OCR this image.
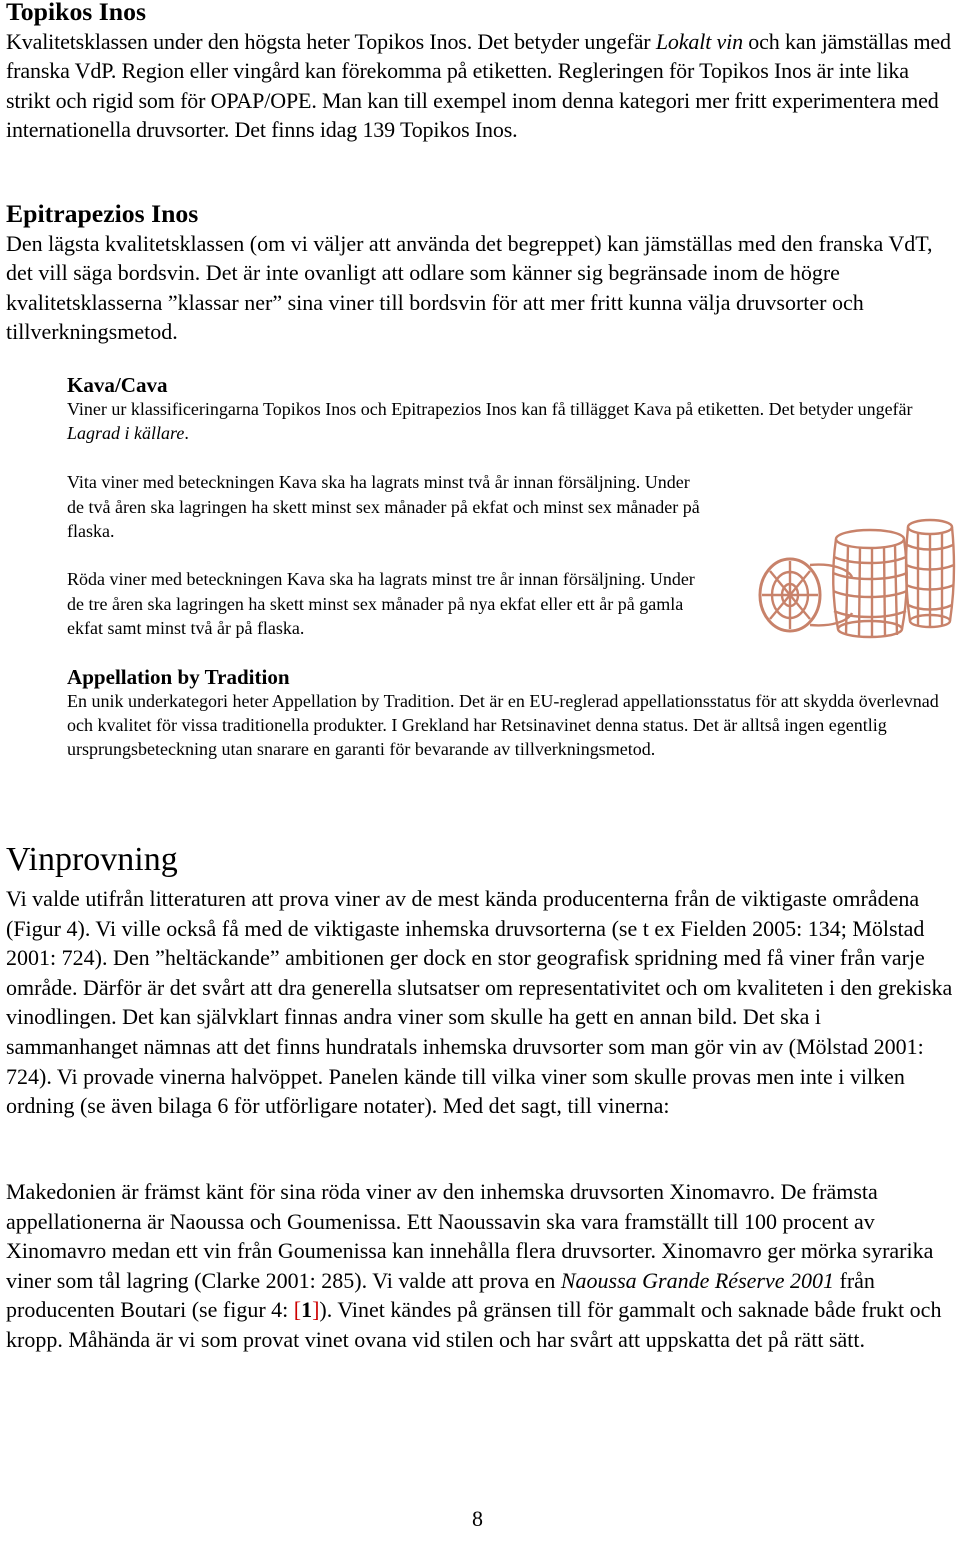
Topikos Inos

Kvalitetsklassen under den högsta heter Topikos Inos. Det betyder ungefär Lokalt vin och kan jämställas med franska VdP. Region eller vingård kan förekomma på etiketten. Regleringen för Topikos Inos är inte lika strikt och rigid som för OPAP/OPE. Man kan till exempel inom denna kategori mer fritt experimentera med internationella druvsorter. Det finns idag 139 Topikos Inos.

Epitrapezios Inos

Den lägsta kvalitetsklassen (om vi väljer att använda det begreppet) kan jämställas med den franska VdT, det vill säga bordsvin. Det är inte ovanligt att odlare som känner sig begränsade inom de högre kvalitetsklasserna ”klassar ner” sina viner till bordsvin för att mer fritt kunna välja druvsorter och tillverkningsmetod.

Kava/Cava

Viner ur klassificeringarna Topikos Inos och Epitrapezios Inos kan få tillägget Kava på etiketten. Det betyder ungefär Lagrad i källare.

Vita viner med beteckningen Kava ska ha lagrats minst två år innan försäljning. Under de två åren ska lagringen ha skett minst sex månader på ekfat och minst sex månader på flaska.

Röda viner med beteckningen Kava ska ha lagrats minst tre år innan försäljning. Under de tre åren ska lagringen ha skett minst sex månader på nya ekfat eller ett år på gamla ekfat samt minst två år på flaska.

Appellation by Tradition

En unik underkategori heter Appellation by Tradition. Det är en EU-reglerad appellationsstatus för att skydda överlevnad och kvalitet för vissa traditionella produkter. I Grekland har Retsinavinet denna status. Det är alltså ingen egentlig ursprungsbeteckning utan snarare en garanti för bevarande av tillverkningsmetod.

Vinprovning

Vi valde utifrån litteraturen att prova viner av de mest kända producenterna från de viktigaste områdena (Figur 4). Vi ville också få med de viktigaste inhemska druvsorterna (se t ex Fielden 2005: 134; Mölstad 2001: 724). Den ”heltäckande” ambitionen ger dock en stor geografisk spridning med få viner från varje område. Därför är det svårt att dra generella slutsatser om representativitet och om kvaliteten i den grekiska vinodlingen. Det kan självklart finnas andra viner som skulle ha gett en annan bild. Det ska i sammanhanget nämnas att det finns hundratals inhemska druvsorter som man gör vin av (Mölstad 2001: 724). Vi provade vinerna halvöppet. Panelen kände till vilka viner som skulle provas men inte i vilken ordning (se även bilaga 6 för utförligare notater). Med det sagt, till vinerna:

Makedonien är främst känt för sina röda viner av den inhemska druvsorten Xinomavro. De främsta appellationerna är Naoussa och Goumenissa. Ett Naoussavin ska vara framställt till 100 procent av Xinomavro medan ett vin från Goumenissa kan innehålla flera druvsorter. Xinomavro ger mörka syrarika viner som tål lagring (Clarke 2001: 285). Vi valde att prova en Naoussa Grande Réserve 2001 från producenten Boutari (se figur 4: [1]). Vinet kändes på gränsen till för gammalt och saknade både frukt och kropp. Måhända är vi som provat vinet ovana vid stilen och har svårt att uppskatta det på rätt sätt.

8
